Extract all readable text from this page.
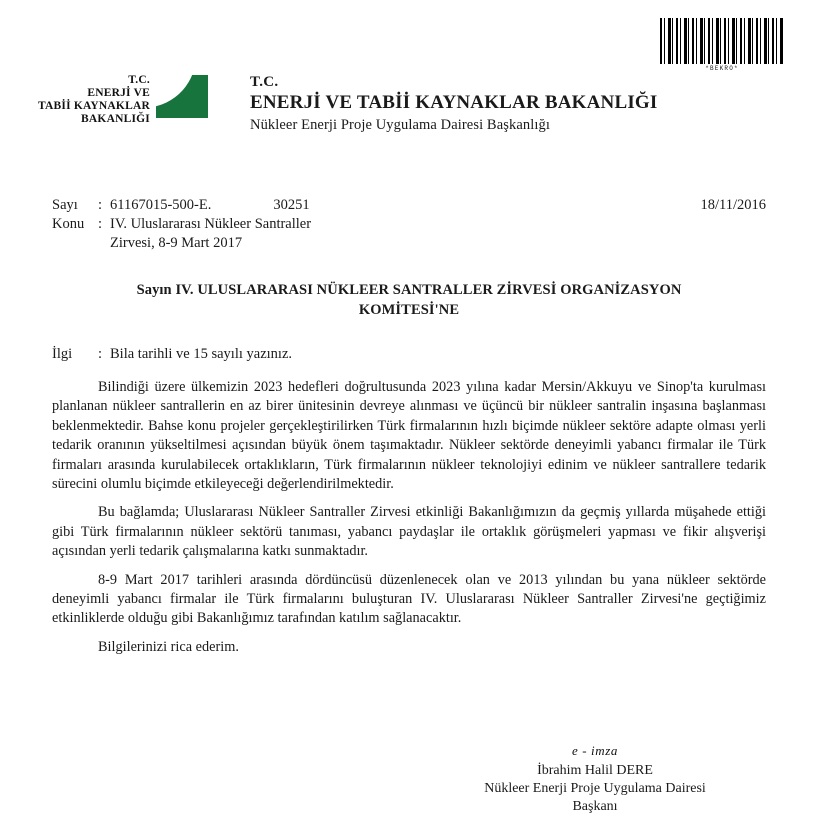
*BEKRO*
T.C.
ENERJİ VE
TABİİ KAYNAKLAR
BAKANLIĞI
T.C.
ENERJİ VE TABİİ KAYNAKLAR BAKANLIĞI
Nükleer Enerji Proje Uygulama Dairesi Başkanlığı
Sayı	: 61167015-500-E.	30251	18/11/2016
Konu : IV. Uluslararası Nükleer Santraller
Zirvesi, 8-9 Mart 2017
Sayın IV. ULUSLARARASI NÜKLEER SANTRALLER ZİRVESİ ORGANİZASYON
KOMİTESİ'NE
İlgi	: Bila tarihli ve 15 sayılı yazınız.

Bilindiği üzere ülkemizin 2023 hedefleri doğrultusunda 2023 yılına kadar Mersin/Akkuyu ve Sinop'ta kurulması planlanan nükleer santrallerin en az birer ünitesinin devreye alınması ve üçüncü bir nükleer santralin inşasına başlanması beklenmektedir. Bahse konu projeler gerçekleştirilirken Türk firmalarının hızlı biçimde nükleer sektöre adapte olması yerli tedarik oranının yükseltilmesi açısından büyük önem taşımaktadır. Nükleer sektörde deneyimli yabancı firmalar ile Türk firmaları arasında kurulabilecek ortaklıkların, Türk firmalarının nükleer teknolojiyi edinim ve nükleer santrallere tedarik sürecini olumlu biçimde etkileyeceği değerlendirilmektedir.

Bu bağlamda; Uluslararası Nükleer Santraller Zirvesi etkinliği Bakanlığımızın da geçmiş yıllarda müşahede ettiği gibi Türk firmalarının nükleer sektörü tanıması, yabancı paydaşlar ile ortaklık görüşmeleri yapması ve fikir alışverişi açısından yerli tedarik çalışmalarına katkı sunmaktadır.

8-9 Mart 2017 tarihleri arasında dördüncüsü düzenlenecek olan ve 2013 yılından bu yana nükleer sektörde deneyimli yabancı firmalar ile Türk firmalarını buluşturan IV. Uluslararası Nükleer Santraller Zirvesi'ne geçtiğimiz etkinliklerde olduğu gibi Bakanlığımız tarafından katılım sağlanacaktır.

Bilgilerinizi rica ederim.

e - imza
İbrahim Halil DERE
Nükleer Enerji Proje Uygulama Dairesi
Başkanı
